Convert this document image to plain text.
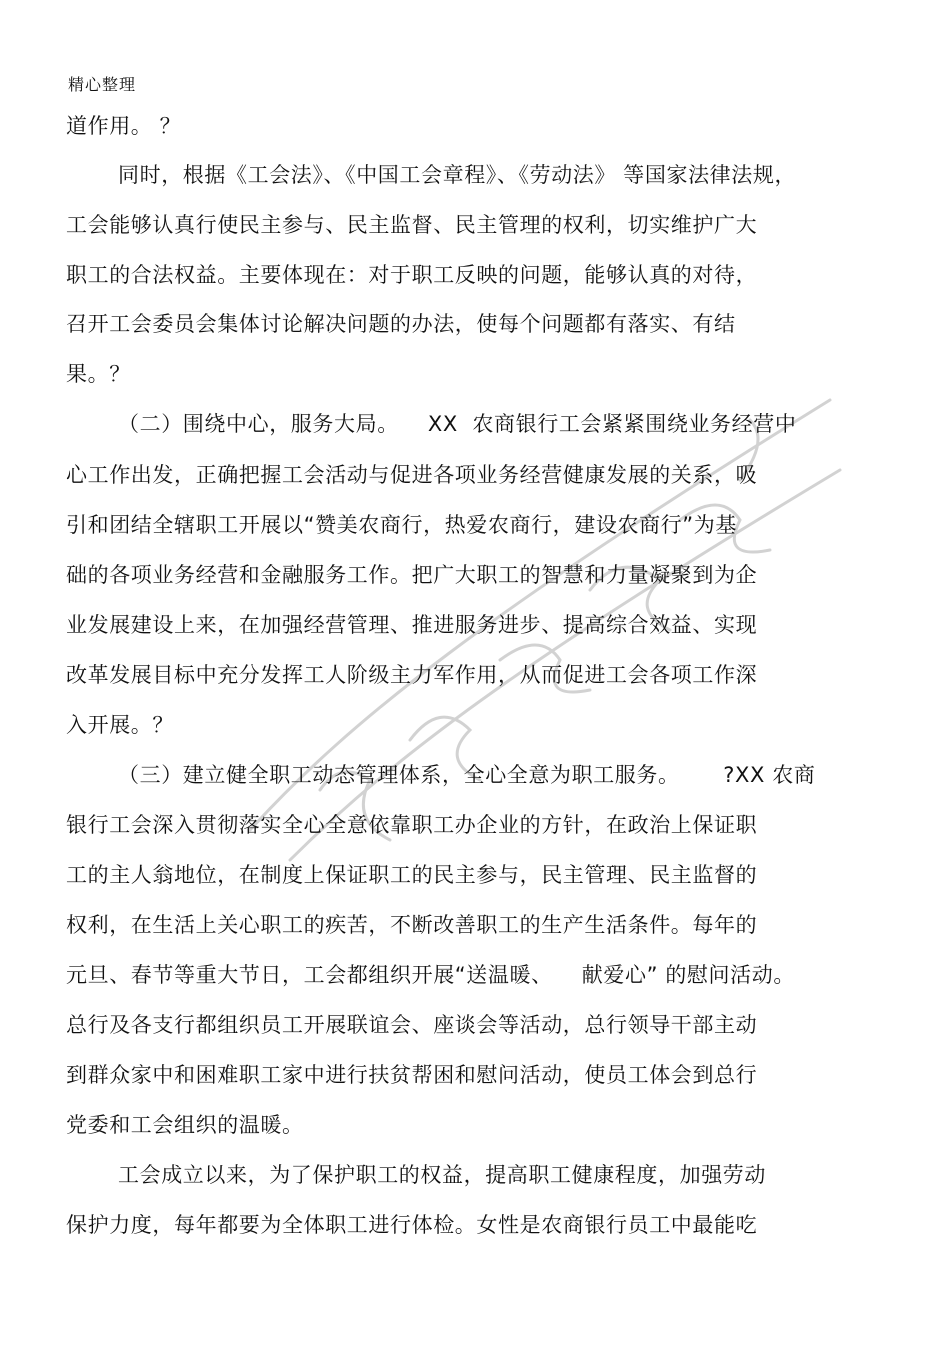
精心整理
道作用。 ？
同时，根据《工会法》、《中国工会章程》、《劳动法》 等国家法律法规，
工会能够认真行使民主参与、民主监督、民主管理的权利，切实维护广大
职工的合法权益。主要体现在：对于职工反映的问题，能够认真的对待，
召开工会委员会集体讨论解决问题的办法，使每个问题都有落实、有结
果。？
（二）围绕中心，服务大局。    XX  农商银行工会紧紧围绕业务经营中
心工作出发，正确把握工会活动与促进各项业务经营健康发展的关系，吸
引和团结全辖职工开展以“赞美农商行，热爱农商行，建设农商行”为基
础的各项业务经营和金融服务工作。把广大职工的智慧和力量凝聚到为企
业发展建设上来，在加强经营管理、推进服务进步、提高综合效益、实现
改革发展目标中充分发挥工人阶级主力军作用，从而促进工会各项工作深
入开展。？
（三）建立健全职工动态管理体系，全心全意为职工服务。      ?XX 农商
银行工会深入贯彻落实全心全意依靠职工办企业的方针，在政治上保证职
工的主人翁地位，在制度上保证职工的民主参与，民主管理、民主监督的
权利，在生活上关心职工的疾苦，不断改善职工的生产生活条件。每年的
元旦、春节等重大节日，工会都组织开展“送温暖、    献爱心” 的慰问活动。
总行及各支行都组织员工开展联谊会、座谈会等活动，总行领导干部主动
到群众家中和困难职工家中进行扶贫帮困和慰问活动，使员工体会到总行
党委和工会组织的温暖。
工会成立以来，为了保护职工的权益，提高职工健康程度，加强劳动
保护力度，每年都要为全体职工进行体检。女性是农商银行员工中最能吃
